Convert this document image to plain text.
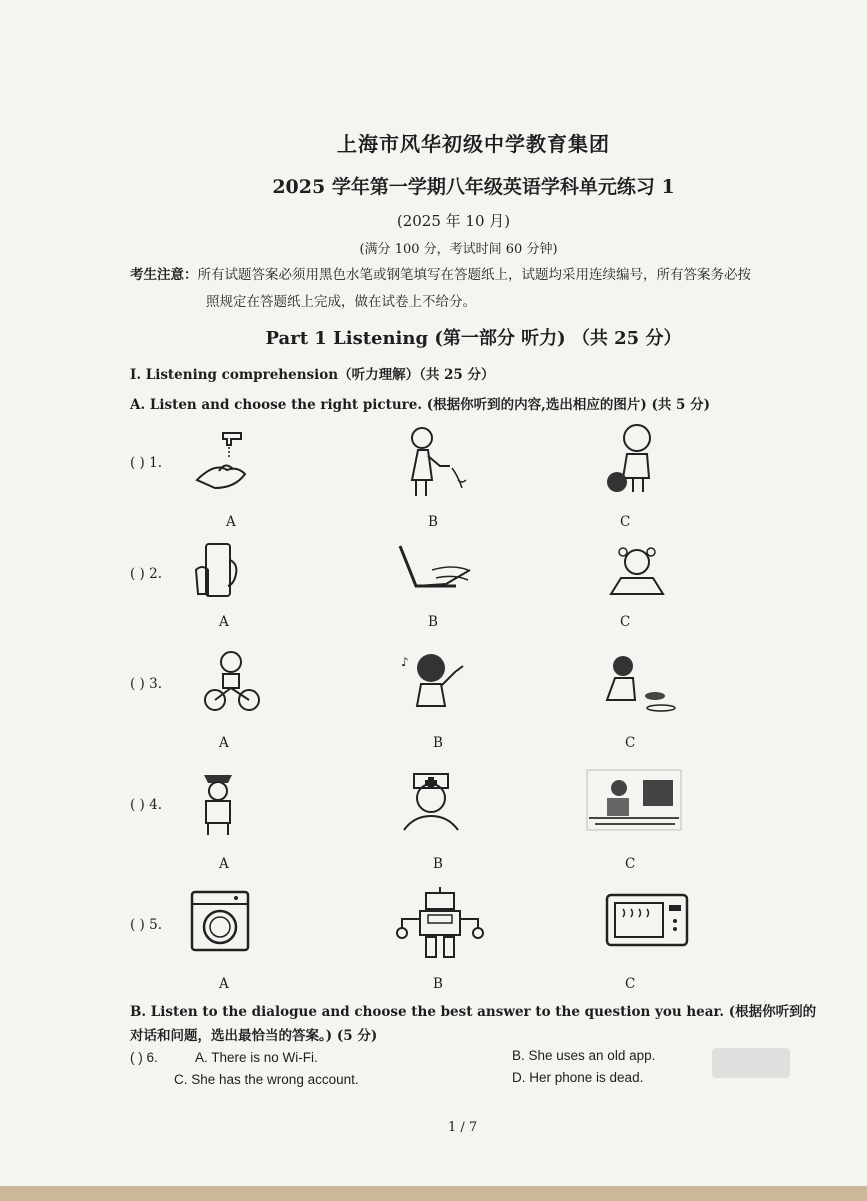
上海市风华初级中学教育集团
2025 学年第一学期八年级英语学科单元练习 1
(2025 年 10 月)
(满分 100 分，考试时间 60 分钟)
考生注意：所有试题答案必须用黑色水笔或钢笔填写在答题纸上，试题均采用连续编号，所有答案务必按
照规定在答题纸上完成，做在试卷上不给分。
Part 1 Listening (第一部分 听力) （共 25 分）
I. Listening comprehension（听力理解）（共 25 分）
A. Listen and choose the right picture. (根据你听到的内容,选出相应的图片) (共 5 分)
( ) 1.
A	B	C
( ) 2.
A	B	C
( ) 3.
♪
A	B	C
( ) 4.
A	B	C
( ) 5.
A	B	C
B. Listen to the dialogue and choose the best answer to the question you hear. (根据你听到的对话和问题，选出最恰当的答案。) (5 分)
( ) 6.	A. There is no Wi-Fi.	B. She uses an old app.
C. She has the wrong account.	D. Her phone is dead.
1 / 7
